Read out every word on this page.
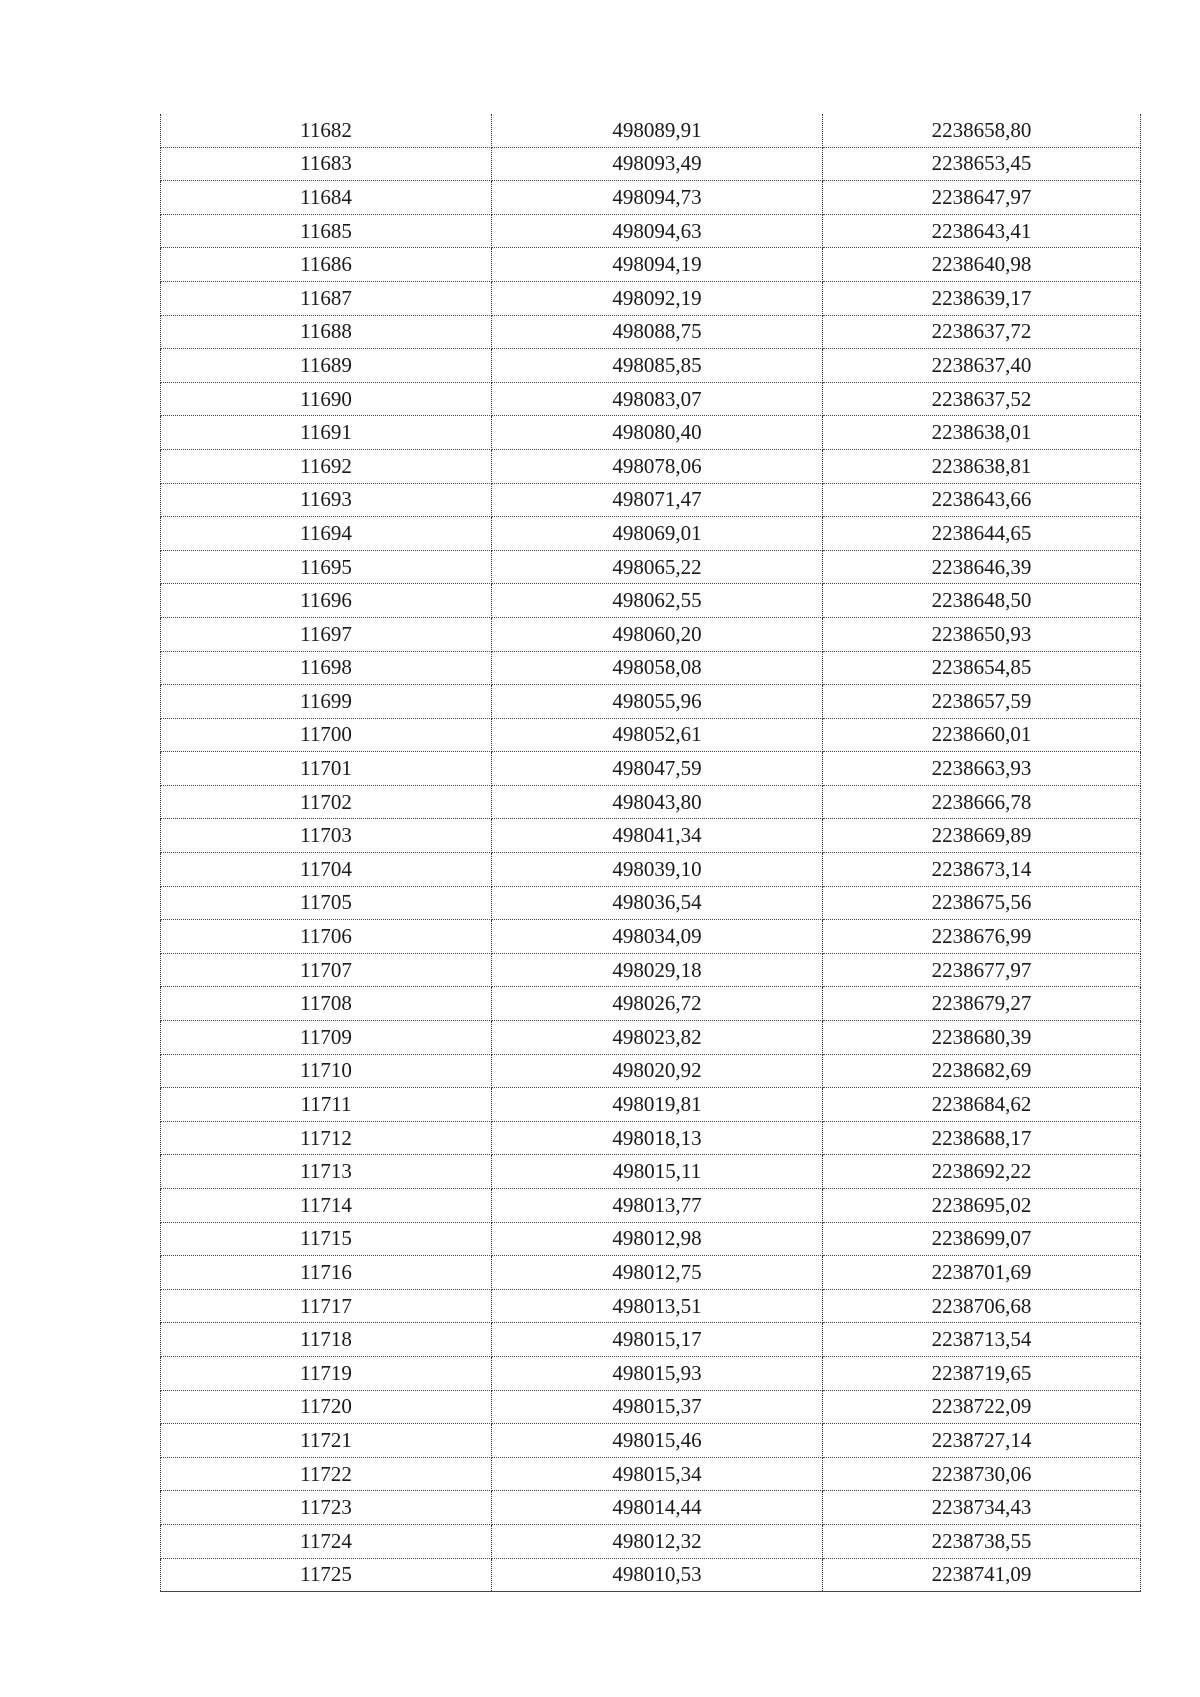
11682	498089,91	2238658,80
11683	498093,49	2238653,45
11684	498094,73	2238647,97
11685	498094,63	2238643,41
11686	498094,19	2238640,98
11687	498092,19	2238639,17
11688	498088,75	2238637,72
11689	498085,85	2238637,40
11690	498083,07	2238637,52
11691	498080,40	2238638,01
11692	498078,06	2238638,81
11693	498071,47	2238643,66
11694	498069,01	2238644,65
11695	498065,22	2238646,39
11696	498062,55	2238648,50
11697	498060,20	2238650,93
11698	498058,08	2238654,85
11699	498055,96	2238657,59
11700	498052,61	2238660,01
11701	498047,59	2238663,93
11702	498043,80	2238666,78
11703	498041,34	2238669,89
11704	498039,10	2238673,14
11705	498036,54	2238675,56
11706	498034,09	2238676,99
11707	498029,18	2238677,97
11708	498026,72	2238679,27
11709	498023,82	2238680,39
11710	498020,92	2238682,69
11711	498019,81	2238684,62
11712	498018,13	2238688,17
11713	498015,11	2238692,22
11714	498013,77	2238695,02
11715	498012,98	2238699,07
11716	498012,75	2238701,69
11717	498013,51	2238706,68
11718	498015,17	2238713,54
11719	498015,93	2238719,65
11720	498015,37	2238722,09
11721	498015,46	2238727,14
11722	498015,34	2238730,06
11723	498014,44	2238734,43
11724	498012,32	2238738,55
11725	498010,53	2238741,09
